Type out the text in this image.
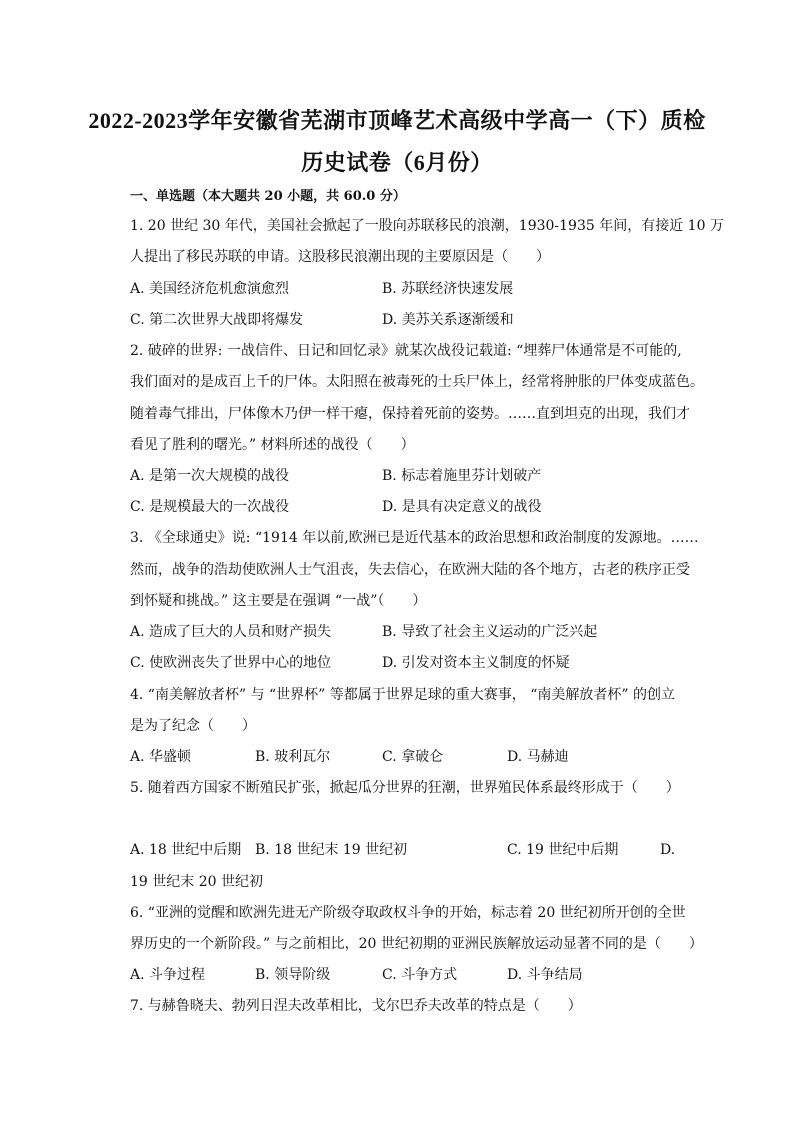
2022-2023学年安徽省芜湖市顶峰艺术高级中学高一（下）质检
历史试卷（6月份）
一、单选题（本大题共 20 小题，共 60.0 分）
1. 20 世纪 30 年代，美国社会掀起了一股向苏联移民的浪潮，1930-1935 年间，有接近 10 万
人提出了移民苏联的申请。这股移民浪潮出现的主要原因是（　　）
A. 美国经济危机愈演愈烈	B. 苏联经济快速发展
C. 第二次世界大战即将爆发	D. 美苏关系逐渐缓和
2. 破碎的世界: 一战信件、日记和回忆录》就某次战役记载道: “埋葬尸体通常是不可能的,
我们面对的是成百上千的尸体。太阳照在被毒死的士兵尸体上，经常将肿胀的尸体变成蓝色。
随着毒气排出，尸体像木乃伊一样干瘪，保持着死前的姿势。……直到坦克的出现，我们才
看见了胜利的曙光。” 材料所述的战役（　　）
A. 是第一次大规模的战役	B. 标志着施里芬计划破产
C. 是规模最大的一次战役	D. 是具有决定意义的战役
3. 《全球通史》说: “1914 年以前,欧洲已是近代基本的政治思想和政治制度的发源地。……
然而，战争的浩劫使欧洲人士气沮丧，失去信心，在欧洲大陆的各个地方，古老的秩序正受
到怀疑和挑战。” 这主要是在强调 “一战”（　　）
A. 造成了巨大的人员和财产损失	B. 导致了社会主义运动的广泛兴起
C. 使欧洲丧失了世界中心的地位	D. 引发对资本主义制度的怀疑
4. “南美解放者杯” 与 “世界杯” 等都属于世界足球的重大赛事， “南美解放者杯” 的创立
是为了纪念（　　）
A. 华盛顿	B. 玻利瓦尔	C. 拿破仑	D. 马赫迪
5. 随着西方国家不断殖民扩张，掀起瓜分世界的狂潮，世界殖民体系最终形成于（　　）
A. 18 世纪中后期 B. 18 世纪末 19 世纪初	C. 19 世纪中后期	D.
19 世纪末 20 世纪初
6. “亚洲的觉醒和欧洲先进无产阶级夺取政权斗争的开始，标志着 20 世纪初所开创的全世
界历史的一个新阶段。” 与之前相比，20 世纪初期的亚洲民族解放运动显著不同的是（　　）
A. 斗争过程	B. 领导阶级	C. 斗争方式	D. 斗争结局
7. 与赫鲁晓夫、勃列日涅夫改革相比，戈尔巴乔夫改革的特点是（　　）
